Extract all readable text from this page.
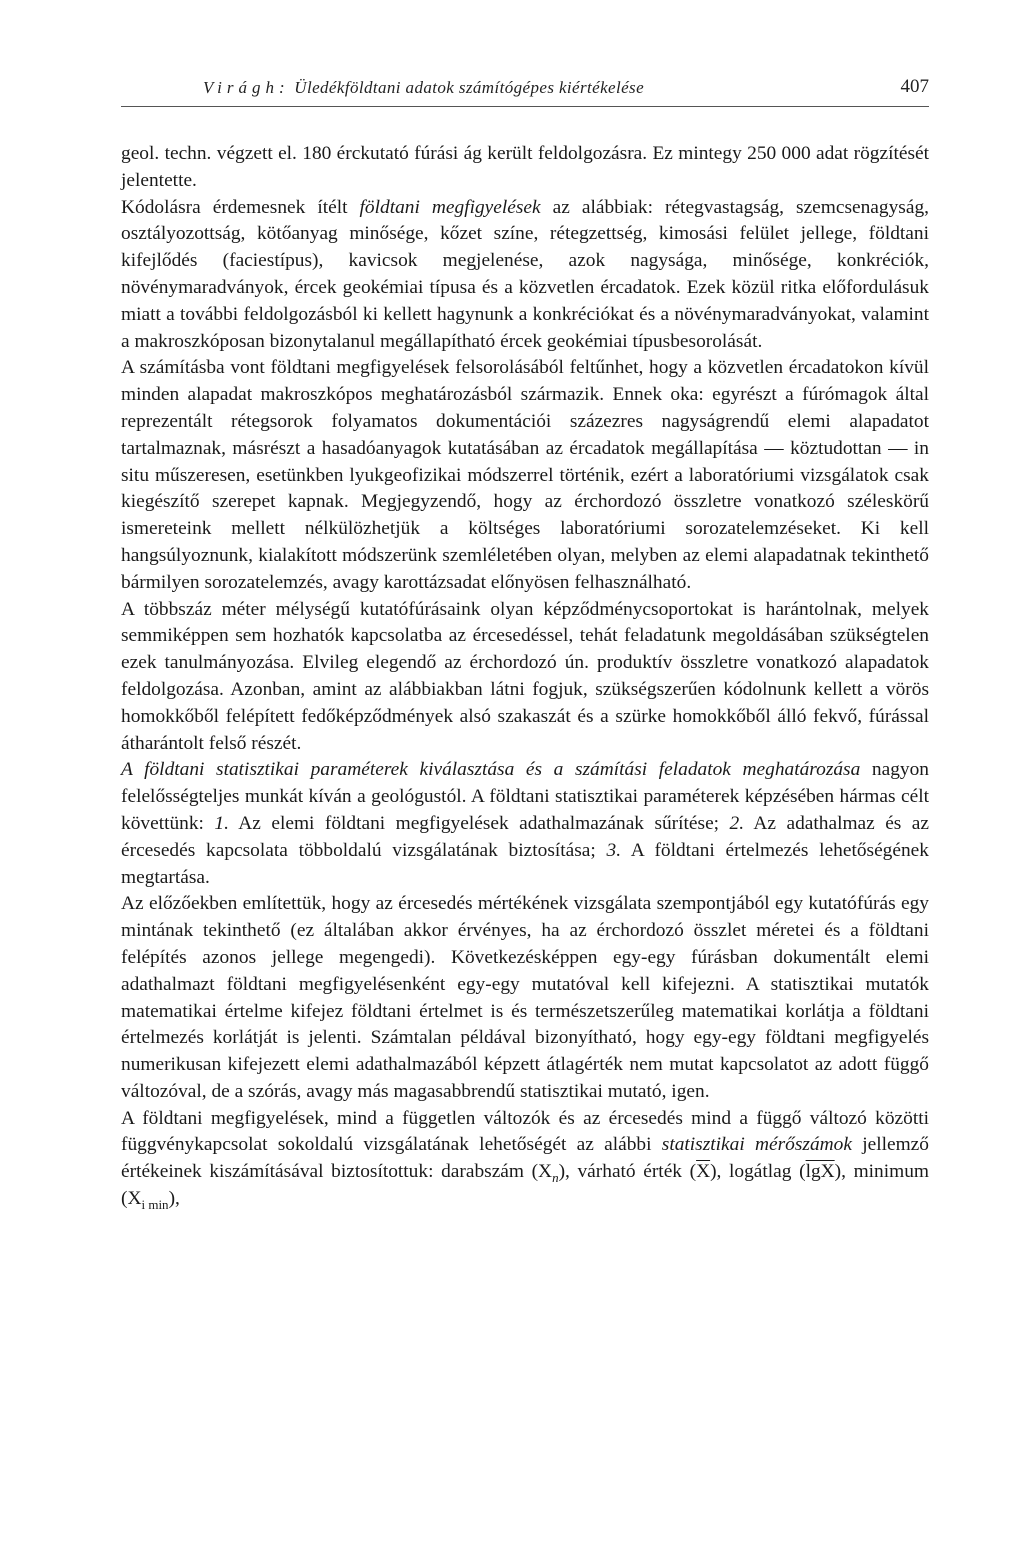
Virágh: Üledékföldtani adatok számítógépes kiértékelése	407

geol. techn. végzett el. 180 érckutató fúrási ág került feldolgozásra. Ez mintegy 250 000 adat rögzítését jelentette.

Kódolásra érdemesnek ítélt földtani megfigyelések az alábbiak: rétegvastagság, szemcsenagyság, osztályozottság, kötőanyag minősége, kőzet színe, rétegzettség, kimosási felület jellege, földtani kifejlődés (faciestípus), kavicsok megjelenése, azok nagysága, minősége, konkréciók, növénymaradványok, ércek geokémiai típusa és a közvetlen ércadatok. Ezek közül ritka előfordulásuk miatt a további feldolgozásból ki kellett hagynunk a konkréciókat és a növénymaradványokat, valamint a makroszkóposan bizonytalanul megállapítható ércek geokémiai típusbesorolását.

A számításba vont földtani megfigyelések felsorolásából feltűnhet, hogy a közvetlen ércadatokon kívül minden alapadat makroszkópos meghatározásból származik. Ennek oka: egyrészt a fúrómagok által reprezentált rétegsorok folyamatos dokumentációi százezres nagyságrendű elemi alapadatot tartalmaznak, másrészt a hasadóanyagok kutatásában az ércadatok megállapítása — köztudottan — in situ műszeresen, esetünkben lyukgeofizikai módszerrel történik, ezért a laboratóriumi vizsgálatok csak kiegészítő szerepet kapnak. Megjegyzendő, hogy az érchordozó összletre vonatkozó széleskörű ismereteink mellett nélkülözhetjük a költséges laboratóriumi sorozatelemzéseket. Ki kell hangsúlyoznunk, kialakított módszerünk szemléletében olyan, melyben az elemi alapadatnak tekinthető bármilyen sorozatelemzés, avagy karottázsadat előnyösen felhasználható.

A többszáz méter mélységű kutatófúrásaink olyan képződménycsoportokat is harántolnak, melyek semmiképpen sem hozhatók kapcsolatba az ércesedéssel, tehát feladatunk megoldásában szükségtelen ezek tanulmányozása. Elvileg elegendő az érchordozó ún. produktív összletre vonatkozó alapadatok feldolgozása. Azonban, amint az alábbiakban látni fogjuk, szükségszerűen kódolnunk kellett a vörös homokkőből felépített fedőképződmények alsó szakaszát és a szürke homokkőből álló fekvő, fúrással átharántolt felső részét.

A földtani statisztikai paraméterek kiválasztása és a számítási feladatok meghatározása nagyon felelősségteljes munkát kíván a geológustól. A földtani statisztikai paraméterek képzésében hármas célt követtünk: 1. Az elemi földtani megfigyelések adathalmazának sűrítése; 2. Az adathalmaz és az ércesedés kapcsolata többoldalú vizsgálatának biztosítása; 3. A földtani értelmezés lehetőségének megtartása.

Az előzőekben említettük, hogy az ércesedés mértékének vizsgálata szempontjából egy kutatófúrás egy mintának tekinthető (ez általában akkor érvényes, ha az érchordozó összlet méretei és a földtani felépítés azonos jellege megengedi). Következésképpen egy-egy fúrásban dokumentált elemi adathalmazt földtani megfigyelésenként egy-egy mutatóval kell kifejezni. A statisztikai mutatók matematikai értelme kifejez földtani értelmet is és természetszerűleg matematikai korlátja a földtani értelmezés korlátját is jelenti. Számtalan példával bizonyítható, hogy egy-egy földtani megfigyelés numerikusan kifejezett elemi adathalmazából képzett átlagérték nem mutat kapcsolatot az adott függő változóval, de a szórás, avagy más magasabbrendű statisztikai mutató, igen.

A földtani megfigyelések, mind a független változók és az ércesedés mind a függő változó közötti függvénykapcsolat sokoldalú vizsgálatának lehetőségét az alábbi statisztikai mérőszámok jellemző értékeinek kiszámításával biztosítottuk: darabszám $(X_n)$, várható érték $(\overline{X})$, logátlag $(\overline{lgX})$, minimum $(X_{i min})$,
